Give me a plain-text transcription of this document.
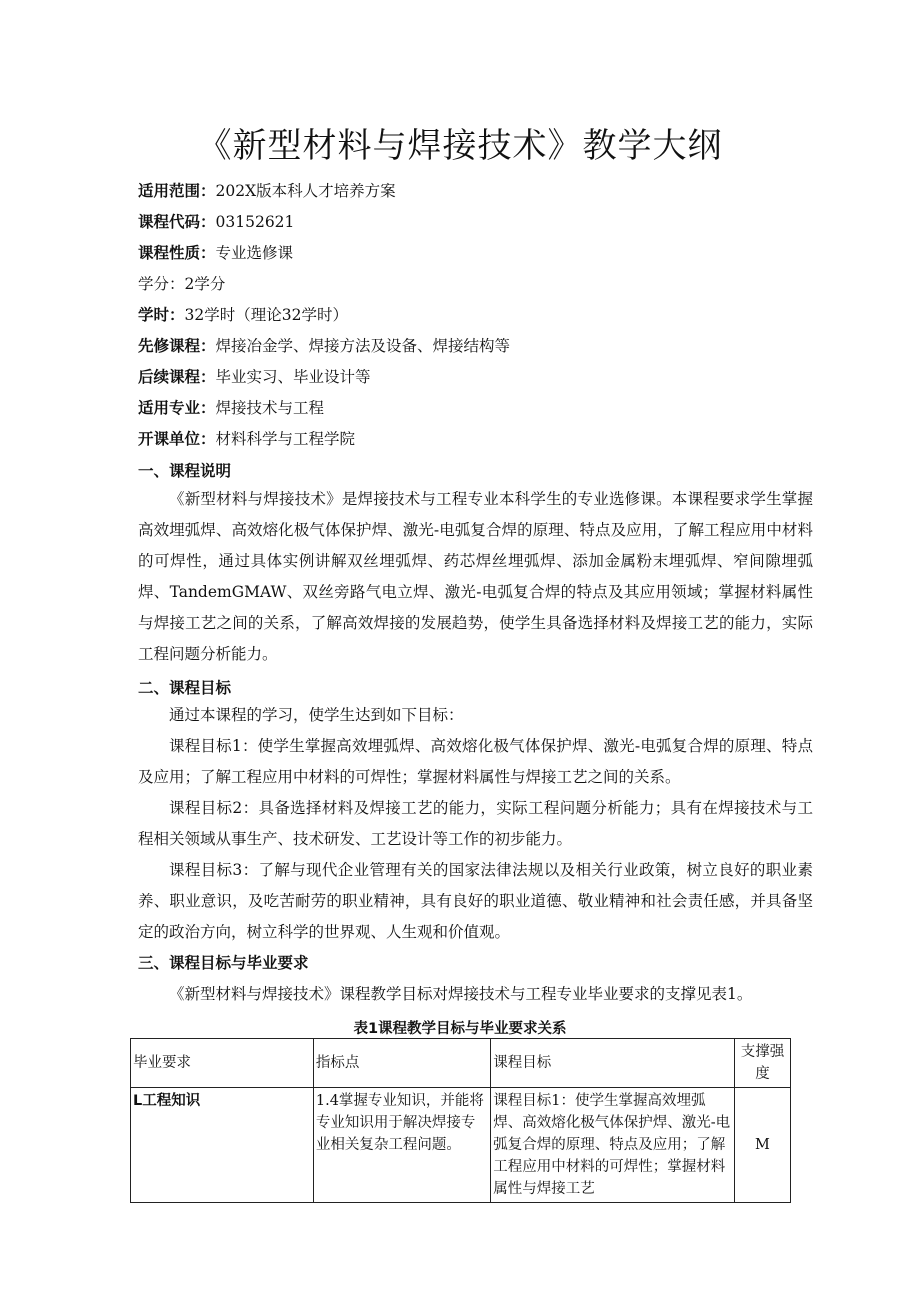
《新型材料与焊接技术》教学大纲
适用范围：202X版本科人才培养方案
课程代码：03152621
课程性质：专业选修课
学分：2学分
学时：32学时（理论32学时）
先修课程：焊接冶金学、焊接方法及设备、焊接结构等
后续课程：毕业实习、毕业设计等
适用专业：焊接技术与工程
开课单位：材料科学与工程学院
一、课程说明

《新型材料与焊接技术》是焊接技术与工程专业本科学生的专业选修课。本课程要求学生掌握高效埋弧焊、高效熔化极气体保护焊、激光-电弧复合焊的原理、特点及应用，了解工程应用中材料的可焊性，通过具体实例讲解双丝埋弧焊、药芯焊丝埋弧焊、添加金属粉末埋弧焊、窄间隙埋弧焊、TandemGMAW、双丝旁路气电立焊、激光-电弧复合焊的特点及其应用领域；掌握材料属性与焊接工艺之间的关系，了解高效焊接的发展趋势，使学生具备选择材料及焊接工艺的能力，实际工程问题分析能力。

二、课程目标

通过本课程的学习，使学生达到如下目标：

课程目标1：使学生掌握高效埋弧焊、高效熔化极气体保护焊、激光-电弧复合焊的原理、特点及应用；了解工程应用中材料的可焊性；掌握材料属性与焊接工艺之间的关系。

课程目标2：具备选择材料及焊接工艺的能力，实际工程问题分析能力；具有在焊接技术与工程相关领域从事生产、技术研发、工艺设计等工作的初步能力。

课程目标3：了解与现代企业管理有关的国家法律法规以及相关行业政策，树立良好的职业素养、职业意识，及吃苦耐劳的职业精神，具有良好的职业道德、敬业精神和社会责任感，并具备坚定的政治方向，树立科学的世界观、人生观和价值观。

三、课程目标与毕业要求

《新型材料与焊接技术》课程教学目标对焊接技术与工程专业毕业要求的支撑见表1。

表1课程教学目标与毕业要求关系
毕业要求	指标点	课程目标	支撑强度
L工程知识	1.4掌握专业知识，并能将专业知识用于解决焊接专业相关复杂工程问题。	课程目标1：使学生掌握高效埋弧焊、高效熔化极气体保护焊、激光-电弧复合焊的原理、特点及应用；了解工程应用中材料的可焊性；掌握材料属性与焊接工艺	M
